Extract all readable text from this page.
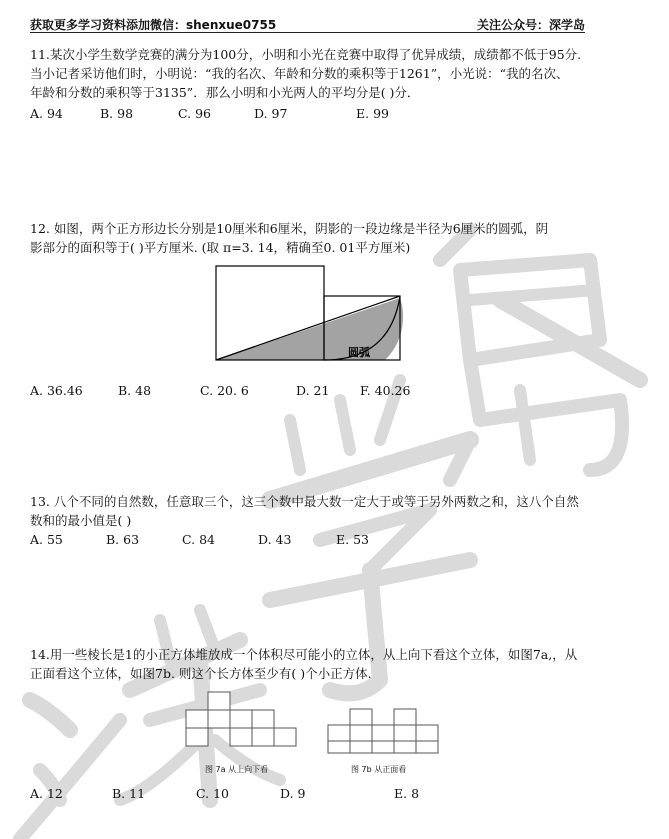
获取更多学习资料添加微信：shenxue0755	关注公众号：深学岛
11.某次小学生数学竞赛的满分为100分，小明和小光在竞赛中取得了优异成绩，成绩都不低于95分.
当小记者采访他们时，小明说：“我的名次、年龄和分数的乘积等于1261”，小光说：“我的名次、
年龄和分数的乘积等于3135”．那么小明和小光两人的平均分是( )分．
A. 94	B. 98	C. 96	D. 97	E. 99
12. 如图，两个正方形边长分别是10厘米和6厘米，阴影的一段边缘是半径为6厘米的圆弧，阴
影部分的面积等于( )平方厘米. (取 π=3. 14，精确至0. 01平方厘米)
圆弧
A. 36.46	B. 48	C. 20. 6	D. 21 F. 40.26
13. 八个不同的自然数，任意取三个，这三个数中最大数一定大于或等于另外两数之和，这八个自然
数和的最小值是( )
A. 55	B. 63	C. 84	D. 43	E. 53
14.用一些棱长是1的小正方体堆放成一个体积尽可能小的立体，从上向下看这个立体，如图7a,，从
正面看这个立体，如图7b. 则这个长方体至少有( )个小正方体.
图 7a 从上向下看	图 7b 从正面看
A. 12	B. 11	C. 10	D. 9	E. 8
